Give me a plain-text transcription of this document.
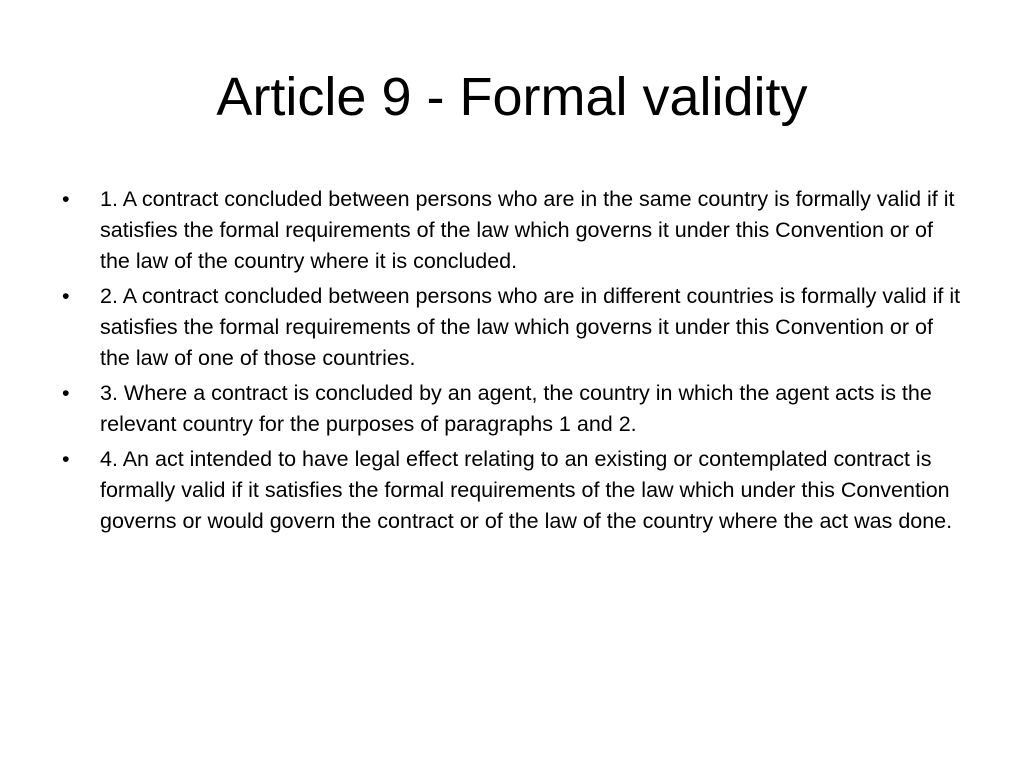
Article 9 - Formal validity
•	1. A contract concluded between persons who are in the same country is formally valid if it satisfies the formal requirements of the law which governs it under this Convention or of the law of the country where it is concluded.
•	2. A contract concluded between persons who are in different countries is formally valid if it satisfies the formal requirements of the law which governs it under this Convention or of the law of one of those countries.
•	3. Where a contract is concluded by an agent, the country in which the agent acts is the relevant country for the purposes of paragraphs 1 and 2.
•	4. An act intended to have legal effect relating to an existing or contemplated contract is formally valid if it satisfies the formal requirements of the law which under this Convention governs or would govern the contract or of the law of the country where the act was done.
